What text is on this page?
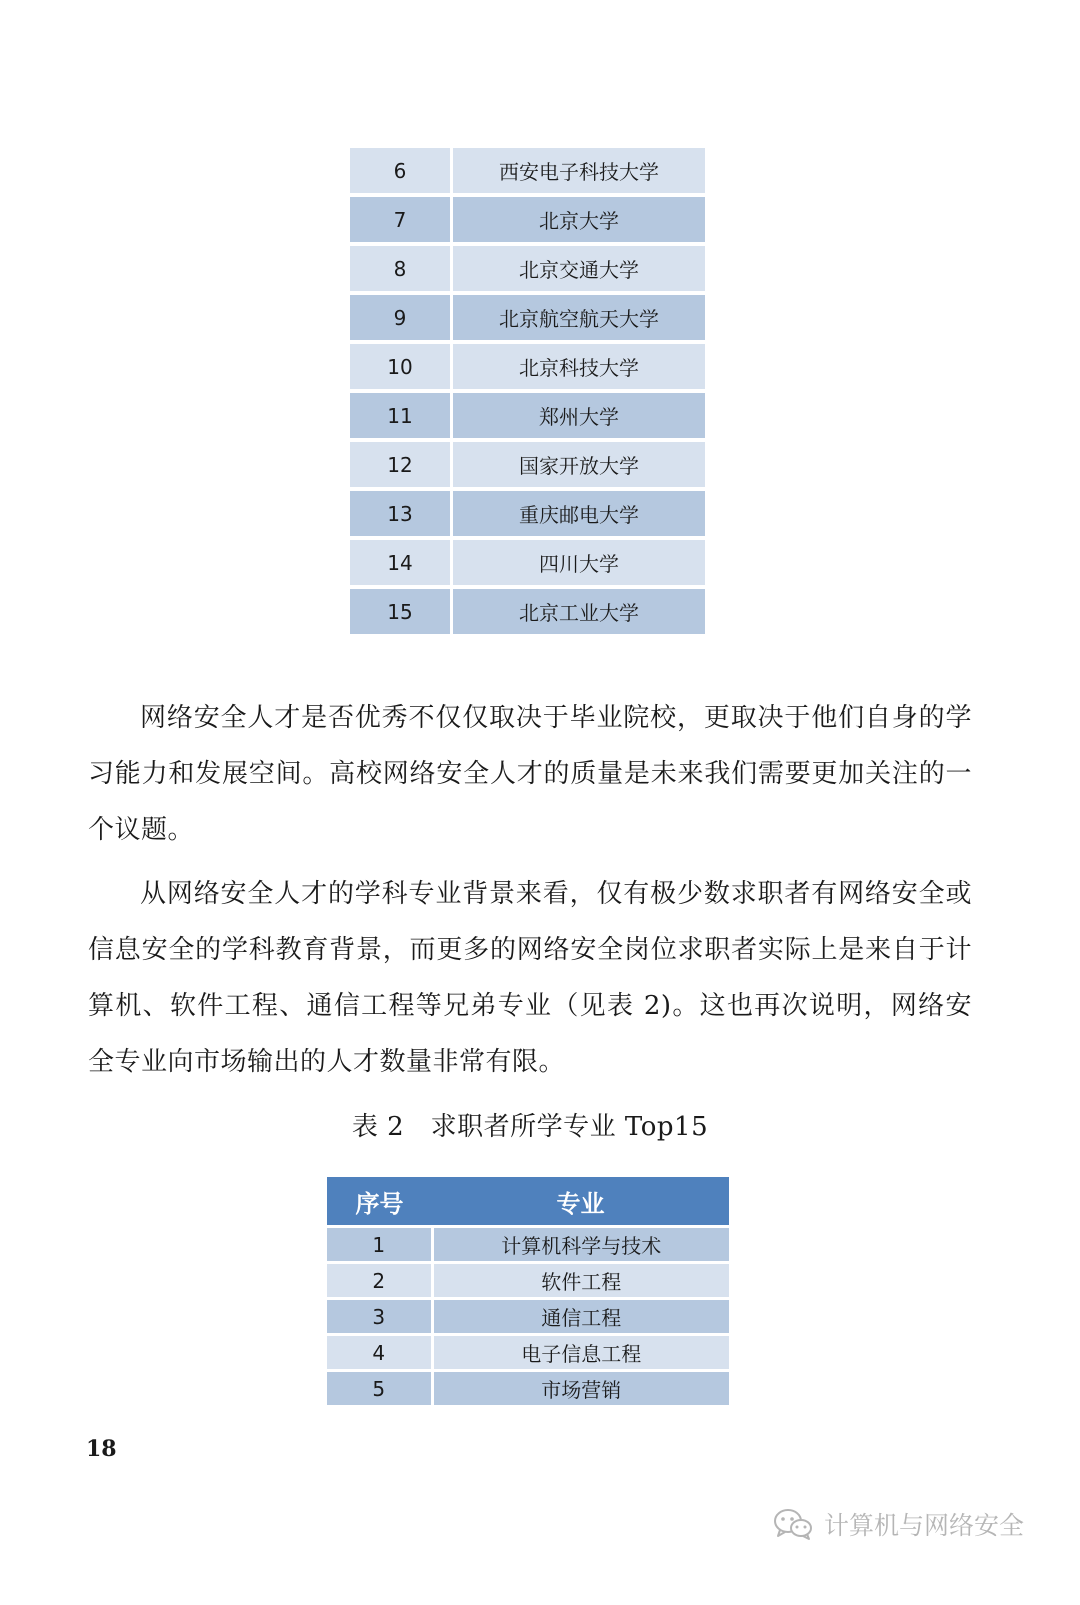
6	西安电子科技大学
7	北京大学
8	北京交通大学
9	北京航空航天大学
10	北京科技大学
11	郑州大学
12	国家开放大学
13	重庆邮电大学
14	四川大学
15	北京工业大学

网络安全人才是否优秀不仅仅取决于毕业院校，更取决于他们自身的学习能力和发展空间。高校网络安全人才的质量是未来我们需要更加关注的一个议题。

从网络安全人才的学科专业背景来看，仅有极少数求职者有网络安全或信息安全的学科教育背景，而更多的网络安全岗位求职者实际上是来自于计算机、软件工程、通信工程等兄弟专业（见表 2)。这也再次说明，网络安全专业向市场输出的人才数量非常有限。

表 2　求职者所学专业 Top15
序号	专业
1	计算机科学与技术
2	软件工程
3	通信工程
4	电子信息工程
5	市场营销
18
计算机与网络安全
